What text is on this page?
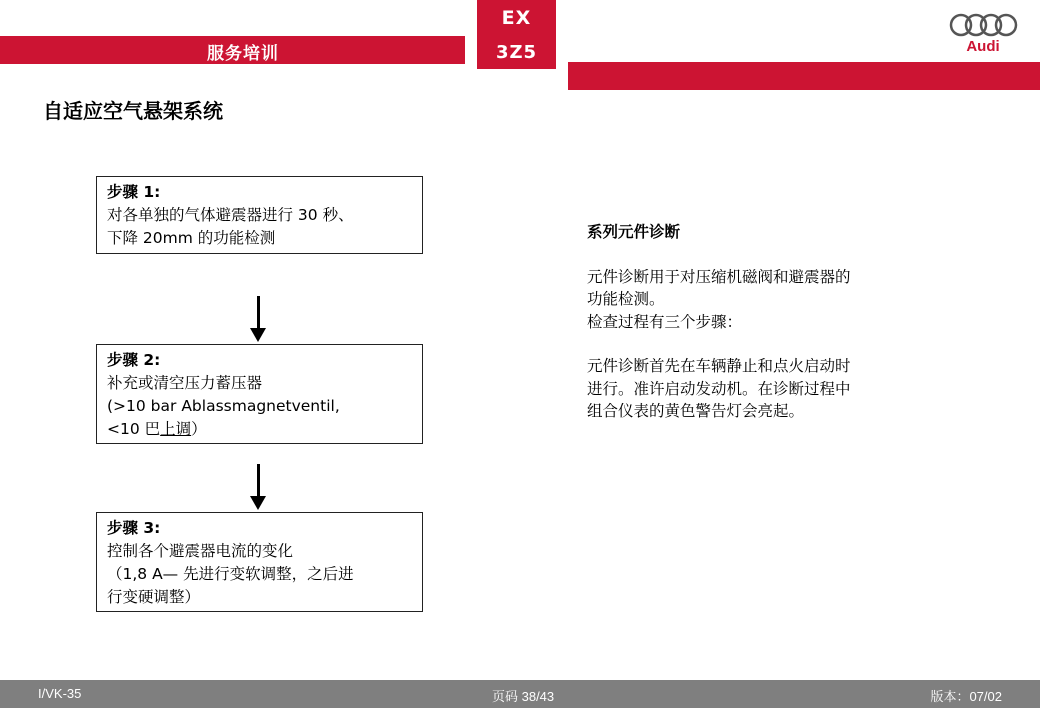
服务培训
EX
3Z5	Audi
自适应空气悬架系统
步骤 1:
对各单独的气体避震器进行 30 秒、
下降 20mm 的功能检测
步骤 2:
补充或清空压力蓄压器
(>10 bar Ablassmagnetventil,
<10 巴上调）
步骤 3:
控制各个避震器电流的变化
（1,8 A— 先进行变软调整，之后进
行变硬调整）
系列元件诊断

元件诊断用于对压缩机磁阀和避震器的

功能检测。

检查过程有三个步骤：

元件诊断首先在车辆静止和点火启动时

进行。准许启动发动机。在诊断过程中

组合仪表的黄色警告灯会亮起。

I/VK-35	页码 38/43	版本：07/02
